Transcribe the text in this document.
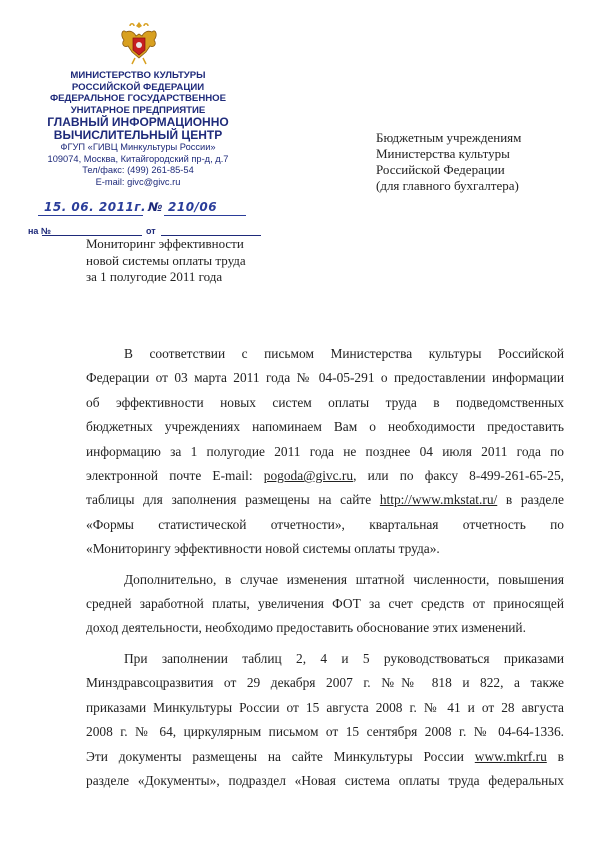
МИНИСТЕРСТВО КУЛЬТУРЫ
РОССИЙСКОЙ ФЕДЕРАЦИИ
ФЕДЕРАЛЬНОЕ ГОСУДАРСТВЕННОЕ
УНИТАРНОЕ ПРЕДПРИЯТИЕ
ГЛАВНЫЙ ИНФОРМАЦИОННО
ВЫЧИСЛИТЕЛЬНЫЙ ЦЕНТР
ФГУП «ГИВЦ Минкультуры России»
109074, Москва, Китайгородский пр-д, д.7
Тел/факс: (499) 261-85-54
E-mail: givc@givc.ru
15. 06. 2011г. № 210/06
на №	от
Мониторинг эффективности
новой системы оплаты труда
за 1 полугодие 2011 года
Бюджетным учреждениям
Министерства культуры
Российской Федерации
(для главного бухгалтера)

В соответствии с письмом Министерства культуры Российской

Федерации от 03 марта 2011 года № 04-05-291 о предоставлении информации

об эффективности новых систем оплаты труда в подведомственных

бюджетных учреждениях напоминаем Вам о необходимости предоставить

информацию за 1 полугодие 2011 года не позднее 04 июля 2011 года по

электронной почте E-mail: pogoda@givc.ru, или по факсу 8-499-261-65-25,

таблицы для заполнения размещены на сайте http://www.mkstat.ru/ в разделе

«Формы статистической отчетности», квартальная отчетность по

«Мониторингу эффективности новой системы оплаты труда».

Дополнительно, в случае изменения штатной численности, повышения

средней заработной платы, увеличения ФОТ за счет средств от приносящей

доход деятельности, необходимо предоставить обоснование этих изменений.

При заполнении таблиц 2, 4 и 5 руководствоваться приказами

Минздравсоцразвития от 29 декабря 2007 г. №№ 818 и 822, а также

приказами Минкультуры России от 15 августа 2008 г. № 41 и от 28 августа

2008 г. № 64, циркулярным письмом от 15 сентября 2008 г. № 04-64-1336.

Эти документы размещены на сайте Минкультуры России www.mkrf.ru в

разделе «Документы», подраздел «Новая система оплаты труда федеральных
